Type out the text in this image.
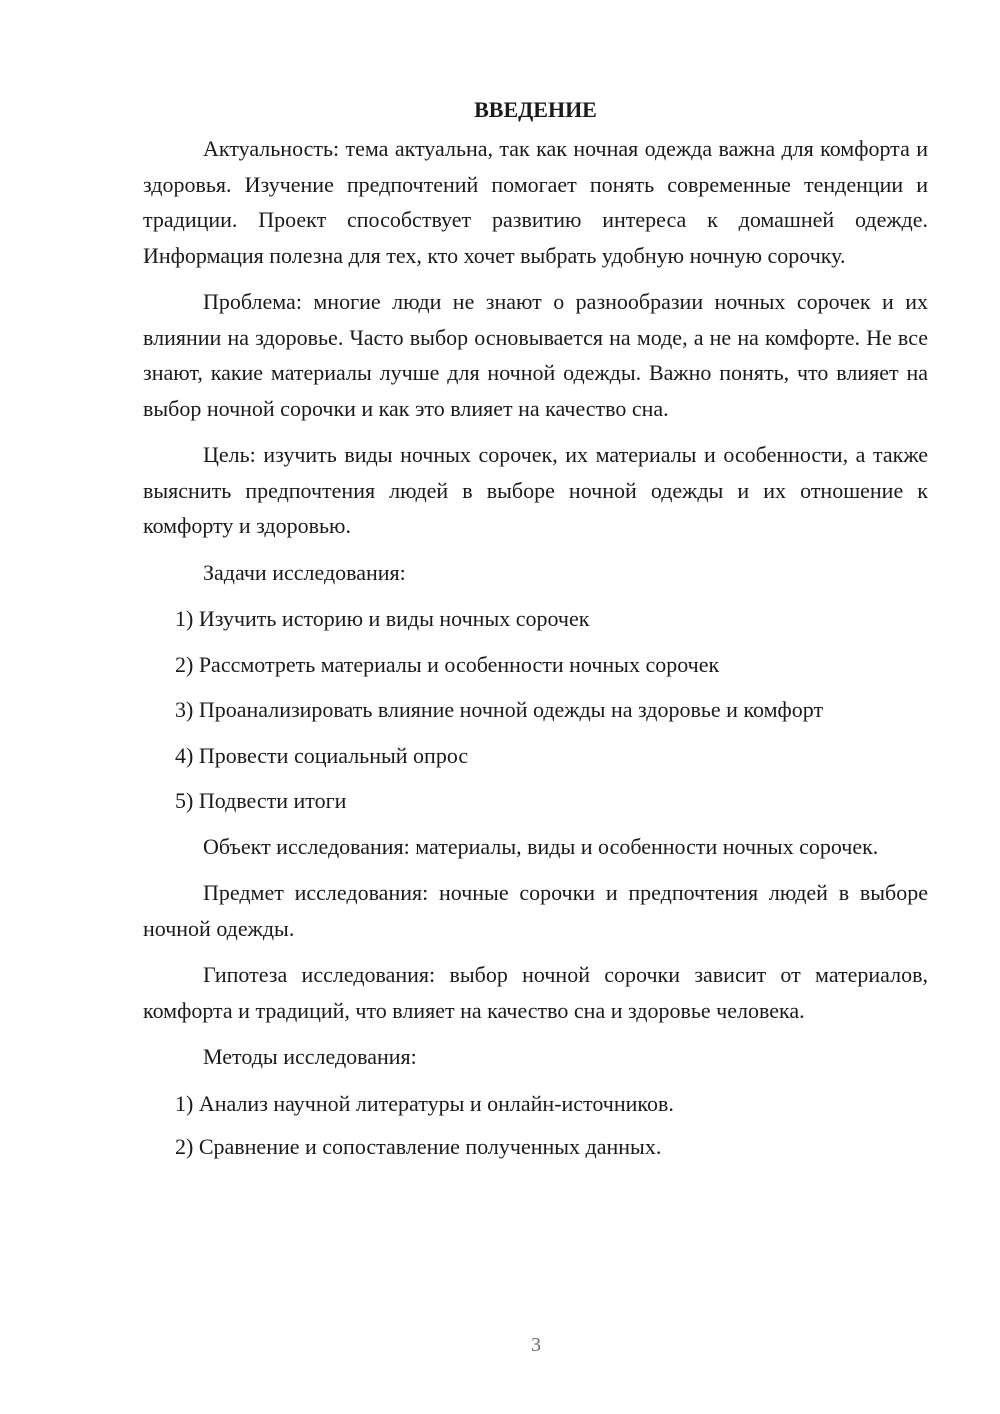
ВВЕДЕНИЕ

Актуальность: тема актуальна, так как ночная одежда важна для комфорта и здоровья. Изучение предпочтений помогает понять современные тенденции и традиции. Проект способствует развитию интереса к домашней одежде. Информация полезна для тех, кто хочет выбрать удобную ночную сорочку.

Проблема: многие люди не знают о разнообразии ночных сорочек и их влиянии на здоровье. Часто выбор основывается на моде, а не на комфорте. Не все знают, какие материалы лучше для ночной одежды. Важно понять, что влияет на выбор ночной сорочки и как это влияет на качество сна.

Цель: изучить виды ночных сорочек, их материалы и особенности, а также выяснить предпочтения людей в выборе ночной одежды и их отношение к комфорту и здоровью.

Задачи исследования:

1) Изучить историю и виды ночных сорочек
2) Рассмотреть материалы и особенности ночных сорочек
3) Проанализировать влияние ночной одежды на здоровье и комфорт
4) Провести социальный опрос
5) Подвести итоги

Объект исследования: материалы, виды и особенности ночных сорочек.

Предмет исследования: ночные сорочки и предпочтения людей в выборе ночной одежды.

Гипотеза исследования: выбор ночной сорочки зависит от материалов, комфорта и традиций, что влияет на качество сна и здоровье человека.

Методы исследования:

1) Анализ научной литературы и онлайн-источников.
2) Сравнение и сопоставление полученных данных.
3
